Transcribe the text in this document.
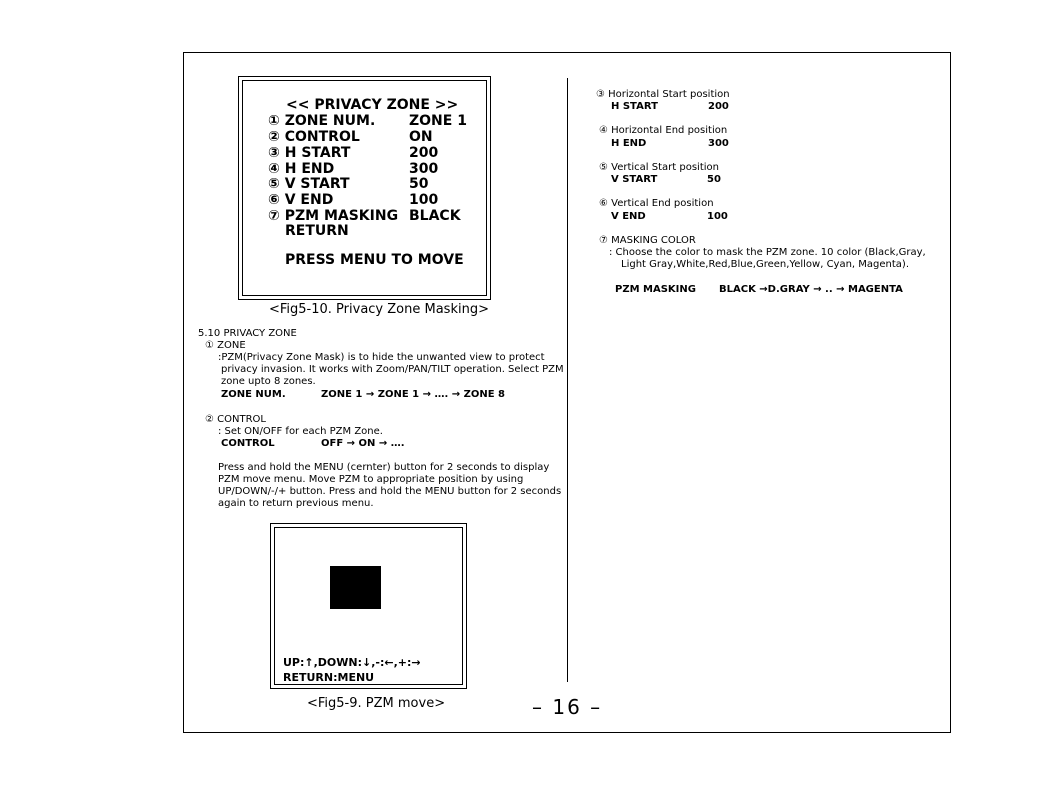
<< PRIVACY ZONE >>
① ZONE NUM. ZONE 1
② CONTROL	ON
③ H START	200
④ H END	300
⑤ V START	50
⑥ V END	100
⑦ PZM MASKING BLACK
RETURN
PRESS MENU TO MOVE
<Fig5-10. Privacy Zone Masking>
5.10 PRIVACY ZONE
① ZONE
:PZM(Privacy Zone Mask) is to hide the unwanted view to protect
privacy invasion. It works with Zoom/PAN/TILT operation. Select PZM
zone upto 8 zones.
ZONE NUM.	ZONE 1 → ZONE 1 → …. → ZONE 8
② CONTROL
: Set ON/OFF for each PZM Zone.
CONTROL	OFF → ON → ….
Press and hold the MENU (cernter) button for 2 seconds to display
PZM move menu. Move PZM to appropriate position by using
UP/DOWN/-/+ button. Press and hold the MENU button for 2 seconds
again to return previous menu.
UP:↑,DOWN:↓,-:←,+:→
RETURN:MENU
<Fig5-9. PZM move>
③ Horizontal Start position
H START	200
④ Horizontal End position
H END	300
⑤ Vertical Start position
V START	50
⑥ Vertical End position
V END	100
⑦ MASKING COLOR
: Choose the color to mask the PZM zone. 10 color (Black,Gray,
Light Gray,White,Red,Blue,Green,Yellow, Cyan, Magenta).
PZM MASKING BLACK →D.GRAY → .. → MAGENTA
– 16 –
